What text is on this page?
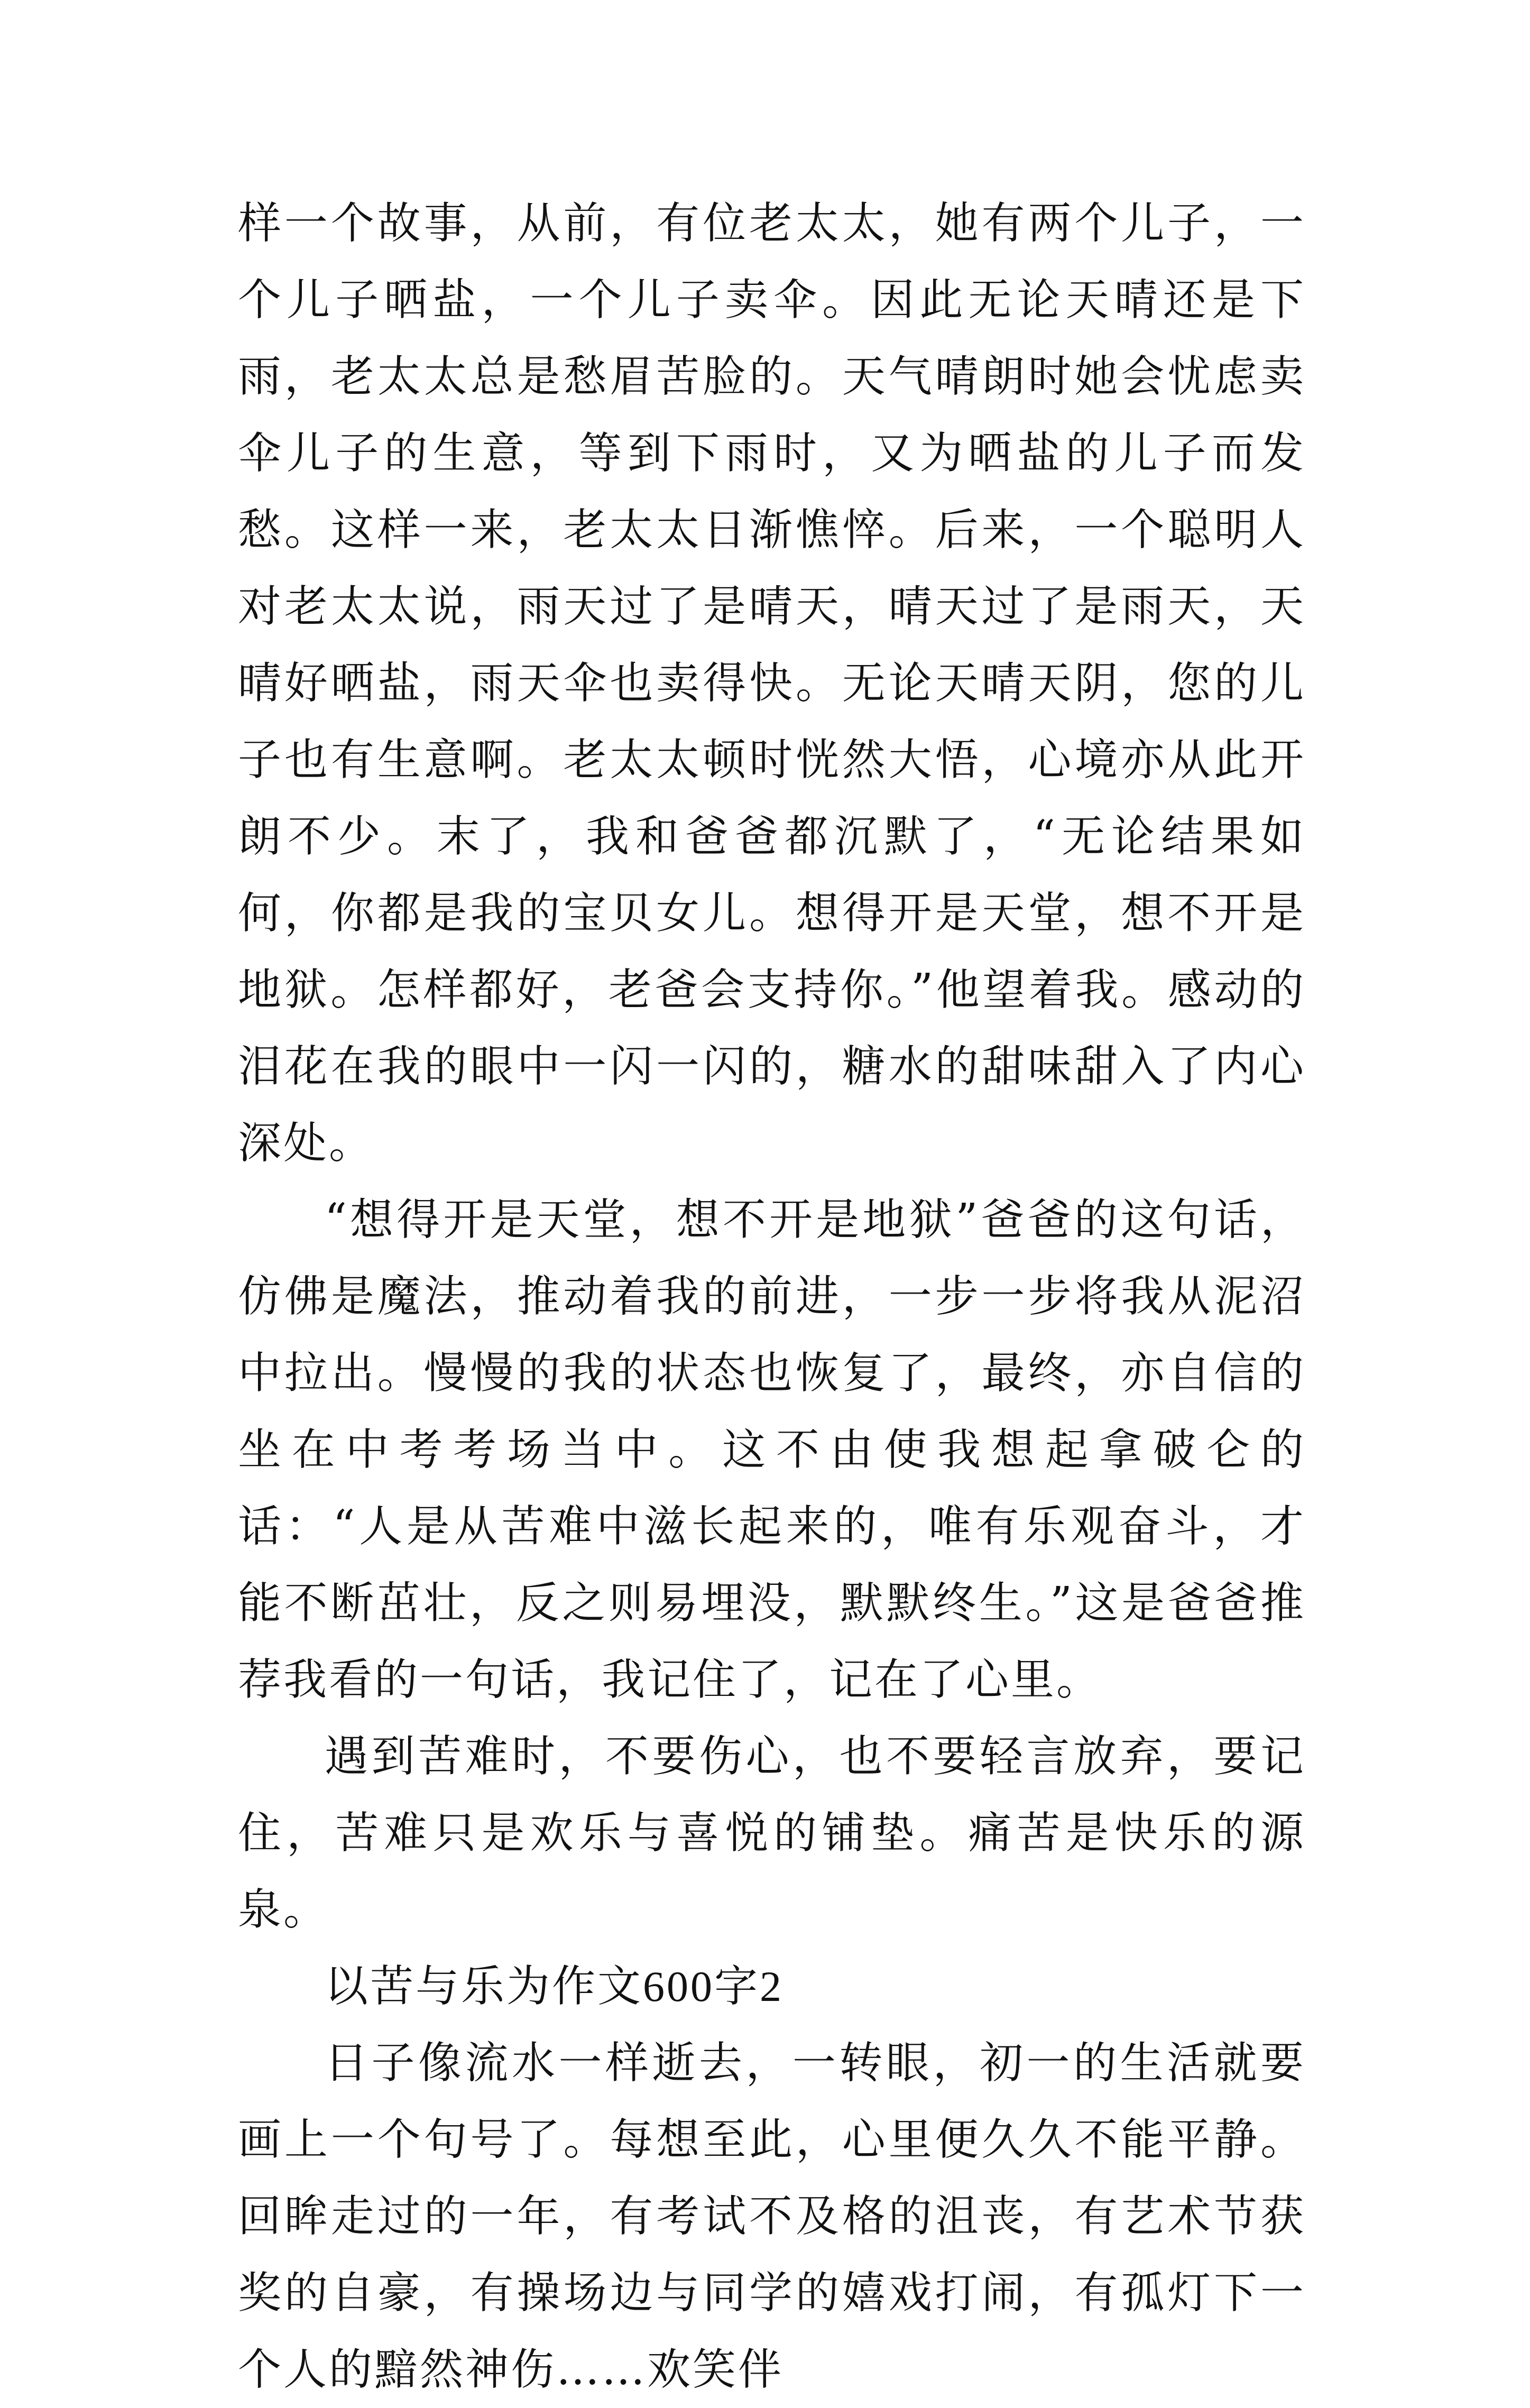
样一个故事，从前，有位老太太，她有两个儿子，一个儿子晒盐，一个儿子卖伞。因此无论天晴还是下雨，老太太总是愁眉苦脸的。天气晴朗时她会忧虑卖伞儿子的生意，等到下雨时，又为晒盐的儿子而发愁。这样一来，老太太日渐憔悴。后来，一个聪明人对老太太说，雨天过了是晴天，晴天过了是雨天，天晴好晒盐，雨天伞也卖得快。无论天晴天阴，您的儿子也有生意啊。老太太顿时恍然大悟，心境亦从此开朗不少。末了，我和爸爸都沉默了，“无论结果如何，你都是我的宝贝女儿。想得开是天堂，想不开是地狱。怎样都好，老爸会支持你。”他望着我。感动的泪花在我的眼中一闪一闪的，糖水的甜味甜入了内心深处。

“想得开是天堂，想不开是地狱”爸爸的这句话，仿佛是魔法，推动着我的前进，一步一步将我从泥沼中拉出。慢慢的我的状态也恢复了，最终，亦自信的坐在中考考场当中。这不由使我想起拿破仑的话：“人是从苦难中滋长起来的，唯有乐观奋斗，才能不断茁壮，反之则易埋没，默默终生。”这是爸爸推荐我看的一句话，我记住了，记在了心里。

遇到苦难时，不要伤心，也不要轻言放弃，要记住，苦难只是欢乐与喜悦的铺垫。痛苦是快乐的源泉。

以苦与乐为作文600字2

日子像流水一样逝去，一转眼，初一的生活就要画上一个句号了。每想至此，心里便久久不能平静。回眸走过的一年，有考试不及格的沮丧，有艺术节获奖的自豪，有操场边与同学的嬉戏打闹，有孤灯下一个人的黯然神伤……欢笑伴
